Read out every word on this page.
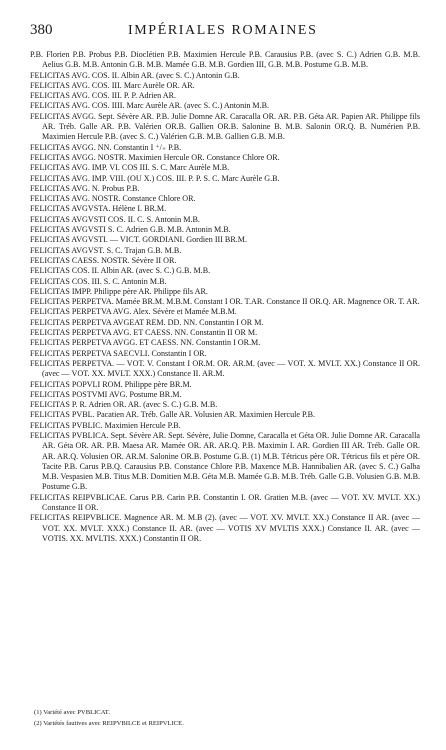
380	IMPÉRIALES ROMAINES

P.B. Florien P.B. Probus P.B. Dioclétien P.B. Maximien Hercule P.B. Carausius P.B. (avec S. C.) Adrien G.B. M.B. Aelius G.B. M.B. Antonin G.B. M.B. Mamée G.B. M.B. Gordien III, G.B. M.B. Postume G.B. M.B.

FELICITAS AVG. COS. II. Albin AR. (avec S. C.) Antonin G.B.

FELICITAS AVG. COS. III. Marc Aurèle OR. AR.

FELICITAS AVG. COS. III. P. P. Adrien AR.

FELICITAS AVG. COS. IIII. Marc Aurèle AR. (avec S. C.) Antonin M.B.

FELICITAS AVGG. Sept. Sévère AR. P.B. Julie Domne AR. Caracalla OR. AR. P.B. Géta AR. Papien AR. Philippe fils AR. Tréb. Galle AR. P.B. Valérien OR.B. Gallien OR.B. Salonine B. M.B. Salonin OR.Q. B. Numérien P.B. Maximien Hercule P.B. (avec S. C.) Valérien G.B. M.B. Gallien G.B. M.B.

FELICITAS AVGG. NN. Constantin I ⁺/₊ P.B.

FELICITAS AVGG. NOSTR. Maximien Hercule OR. Constance Chlore OR.

FELICITAS AVG. IMP. VI. COS III. S. C. Marc Aurèle M.B.

FELICITAS AVG. IMP. VIII. (OU X.) COS. III. P. P. S. C. Marc Aurèle G.B.

FELICITAS AVG. N. Probus P.B.

FELICITAS AVG. NOSTR. Constance Chlore OR.

FELICITAS AVGVSTA. Hélène I. BR.M.

FELICITAS AVGVSTI COS. II. C. S. Antonin M.B.

FELICITAS AVGVSTI S. C. Adrien G.B. M.B. Antonin M.B.

FELICITAS AVGVSTI. — VICT. GORDIANI. Gordien III BR.M.

FELICITAS AVGVST. S. C. Trajan G.B. M.B.

FELICITAS CAESS. NOSTR. Sévère II OR.

FELICITAS COS. II. Albin AR. (avec S. C.) G.B. M.B.

FELICITAS COS. III. S. C. Antonin M.B.

FELICITAS IMPP. Philippe père AR. Philippe fils AR.

FELICITAS PERPETVA. Mamée BR.M. M.B.M. Constant I OR. T.AR. Constance II OR.Q. AR. Magnence OR. T. AR.

FELICITAS PERPETVA AVG. Alex. Sévère et Mamée M.B.M.

FELICITAS PERPETVA AVGEAT REM. DD. NN. Constantin I OR M.

FELICITAS PERPETVA AVG. ET CAESS. NN. Constantin II OR M.

FELICITAS PERPETVA AVGG. ET CAESS. NN. Constantin I OR.M.

FELICITAS PERPETVA SAECVLI. Constantin I OR.

FELICITAS PERPETVA. — VOT. V. Constant I OR.M. OR. AR.M. (avec — VOT. X. MVLT. XX.) Constance II OR. (avec — VOT. XX. MVLT. XXX.) Constance II. AR.M.

FELICITAS POPVLI ROM. Philippe père BR.M.

FELICITAS POSTVMI AVG. Postume BR.M.

FELICITAS P. R. Adrien OR. AR. (avec S. C.) G.B. M.B.

FELICITAS PVBL. Pacatien AR. Tréb. Galle AR. Volusien AR. Maximien Hercule P.B.

FELICITAS PVBLIC. Maximien Hercule P.B.

FELICITAS PVBLICA. Sept. Sévère AR. Sept. Sévère, Julie Domne, Caracalla et Géta OR. Julie Domne AR. Caracalla AR. Géta OR. AR. P.B. Maesa AR. Mamée OR. AR. AR.Q. P.B. Maximin I. AR. Gordien III AR. Tréb. Galle OR. AR. AR.Q. Volusien OR. AR.M. Salonine OR.B. Postume G.B. (1) M.B. Tétricus père OR. Tétricus fils et père OR. Tacite P.B. Carus P.B.Q. Carausius P.B. Constance Chlore P.B. Maxence M.B. Hannibalien AR. (avec S. C.) Galba M.B. Vespasien M.B. Titus M.B. Domitien M.B. Géta M.B. Mamée G.B. M.B. Tréb. Galle G.B. Volusien G.B. M.B. Postume G.B.

FELICITAS REIPVBLICAE. Carus P.B. Carin P.B. Constantin I. OR. Gratien M.B. (avec — VOT. XV. MVLT. XX.) Constance II OR.

FELICITAS REIPVBLICE. Magnence AR. M. M.B (2). (avec — VOT. XV. MVLT. XX.) Constance II AR. (avec — VOT. XX. MVLT. XXX.) Constance II. AR. (avec — VOTIS XV MVLTIS XXX.) Constance II. AR. (avec — VOTIS. XX. MVLTIS. XXX.) Constantin II OR.

(1) Variété avec PVBLICAT.

(2) Variétés fautives avec REIPVBILCE et REIPVLICE.
